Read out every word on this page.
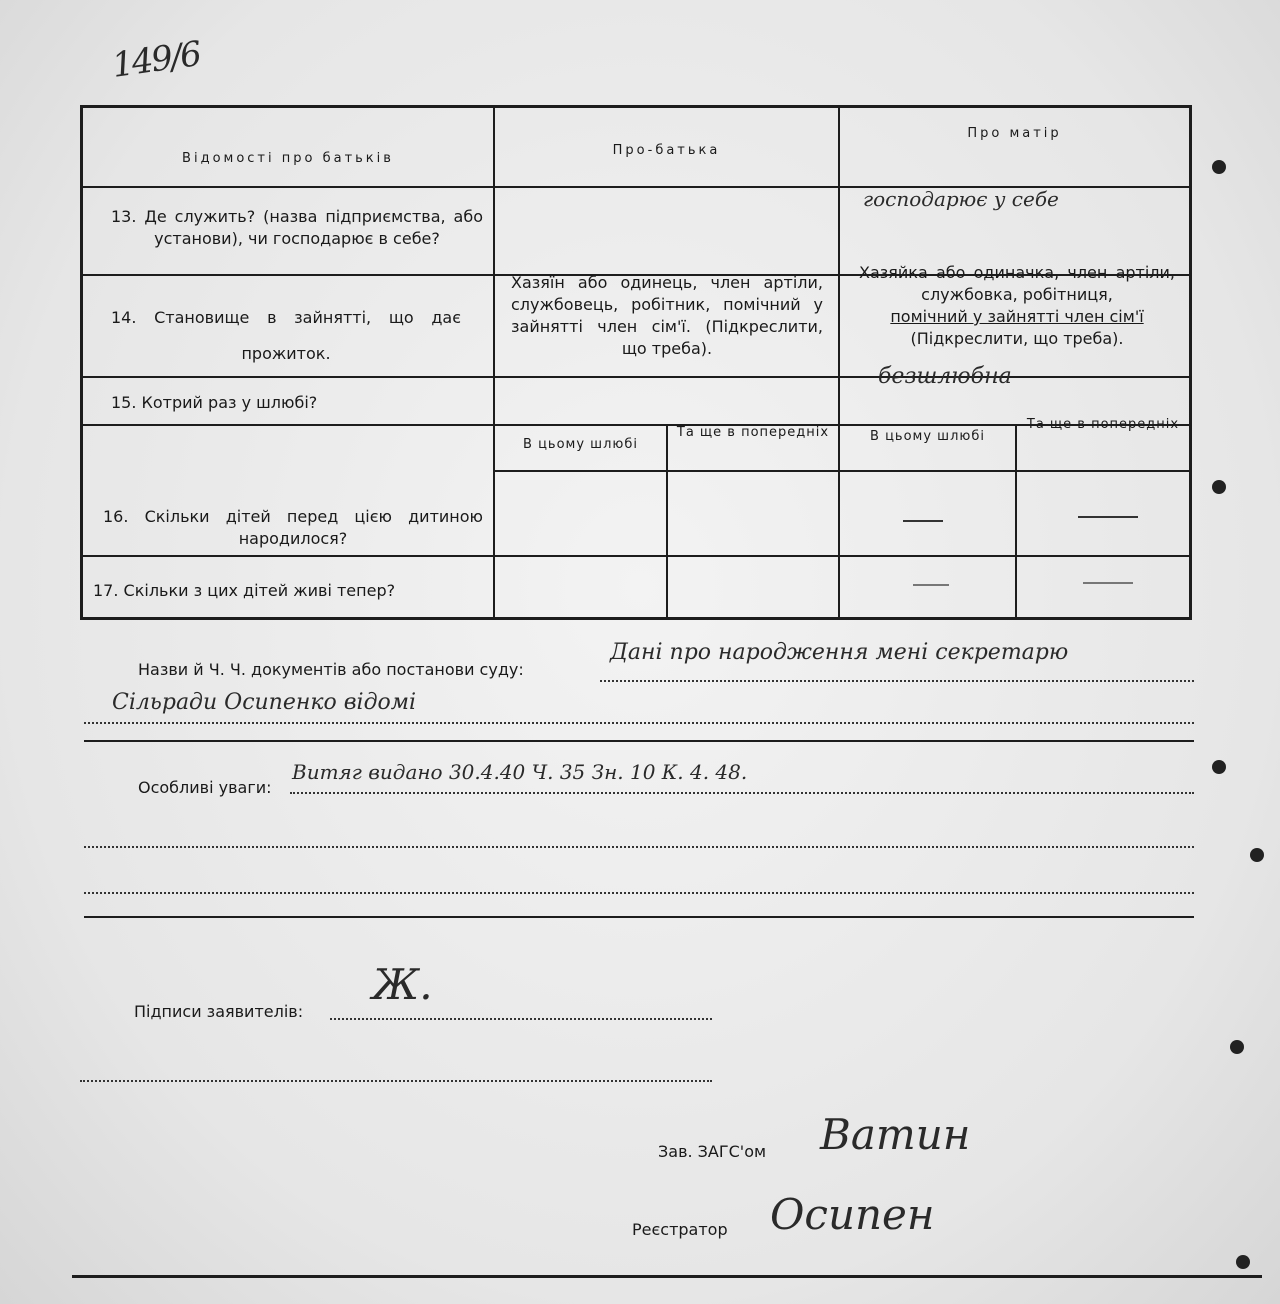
149/6
Відомості про батьків
Про-батька
Про матір
13. Де служить? (назва підприємства, або установи), чи господарює в себе?
господарює у себе
14. Становище в зайнятті, що дає прожиток.
Хазяїн або одинець, член артіли, службовець, робітник, помічний у зайнятті член сім'ї. (Підкреслити, що треба).
Хазяйка або одиначка, член артіли, службовка, робітниця,
помічний у зайнятті член сім'ї
(Підкреслити, що треба).
15. Котрий раз у шлюбі?
безшлюбна
В цьому шлюбі
Та ще в попередніх	В цьому шлюбі
Та ще в попередніх
16. Скільки дітей перед цією дитиною народилося?
17. Скільки з цих дітей живі тепер?
Назви й Ч. Ч. документів або постанови суду:
Дані про народження мені секретарю
Сільради Осипенко відомі
Особливі уваги:
Витяг видано 30.4.40 Ч. 35 Зн. 10 К. 4. 48.
Підписи заявителів:
Ж.
Зав. ЗАГС'ом Ватин
Реєстратор Осипен
